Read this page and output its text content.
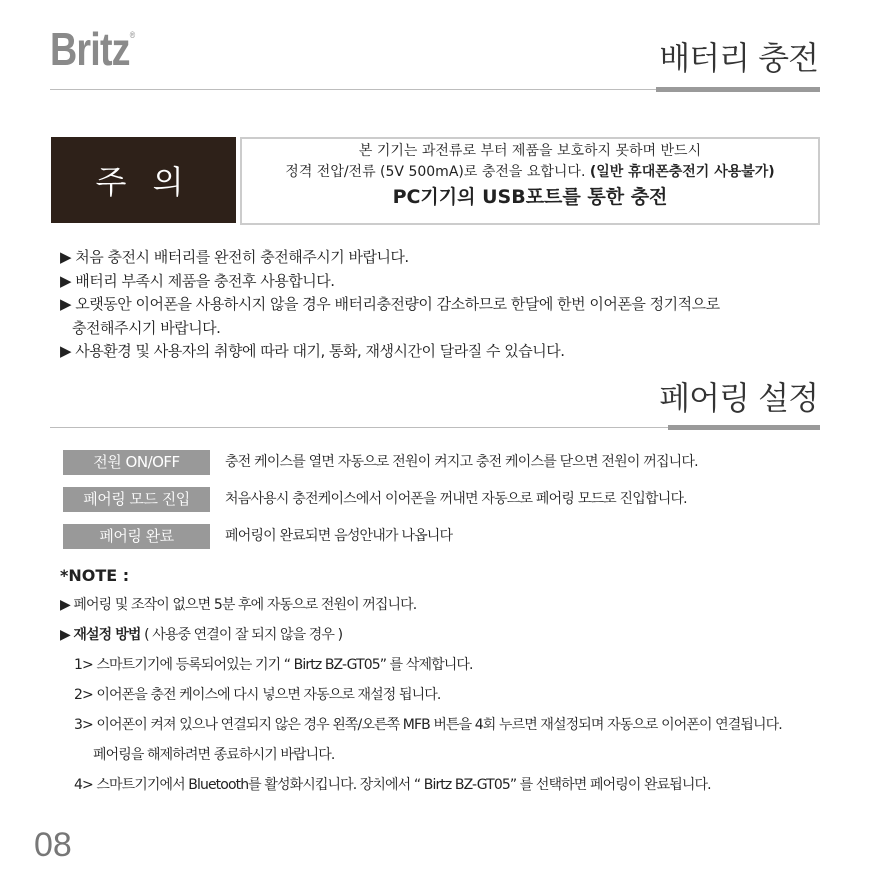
Britz®
배터리 충전
주 의
본 기기는 과전류로 부터 제품을 보호하지 못하며 반드시
정격 전압/전류 (5V 500mA)로 충전을 요합니다. (일반 휴대폰충전기 사용불가)
PC기기의 USB포트를 통한 충전
▶ 처음 충전시 배터리를 완전히 충전해주시기 바랍니다.
▶ 배터리 부족시 제품을 충전후 사용합니다.
▶ 오랫동안 이어폰을 사용하시지 않을 경우 배터리충전량이 감소하므로 한달에 한번 이어폰을 정기적으로
충전해주시기 바랍니다.
▶ 사용환경 및 사용자의 취향에 따라 대기, 통화, 재생시간이 달라질 수 있습니다.
페어링 설정
전원 ON/OFF	충전 케이스를 열면 자동으로 전원이 켜지고 충전 케이스를 닫으면 전원이 꺼집니다.
페어링 모드 진입	처음사용시 충전케이스에서 이어폰을 꺼내면 자동으로 페어링 모드로 진입합니다.
페어링 완료	페어링이 완료되면 음성안내가 나옵니다
*NOTE :
▶ 페어링 및 조작이 없으면 5분 후에 자동으로 전원이 꺼집니다.
▶ 재설정 방법 ( 사용중 연결이 잘 되지 않을 경우 )
1> 스마트기기에 등록되어있는 기기 “ Birtz BZ-GT05” 를 삭제합니다.
2> 이어폰을 충전 케이스에 다시 넣으면 자동으로 재설정 됩니다.
3> 이어폰이 켜져 있으나 연결되지 않은 경우 왼쪽/오른쪽 MFB 버튼을 4회 누르면 재설정되며 자동으로 이어폰이 연결됩니다.
페어링을 해제하려면 종료하시기 바랍니다.
4> 스마트기기에서 Bluetooth를 활성화시킵니다. 장치에서 “ Birtz BZ-GT05” 를 선택하면 페어링이 완료됩니다.
08
